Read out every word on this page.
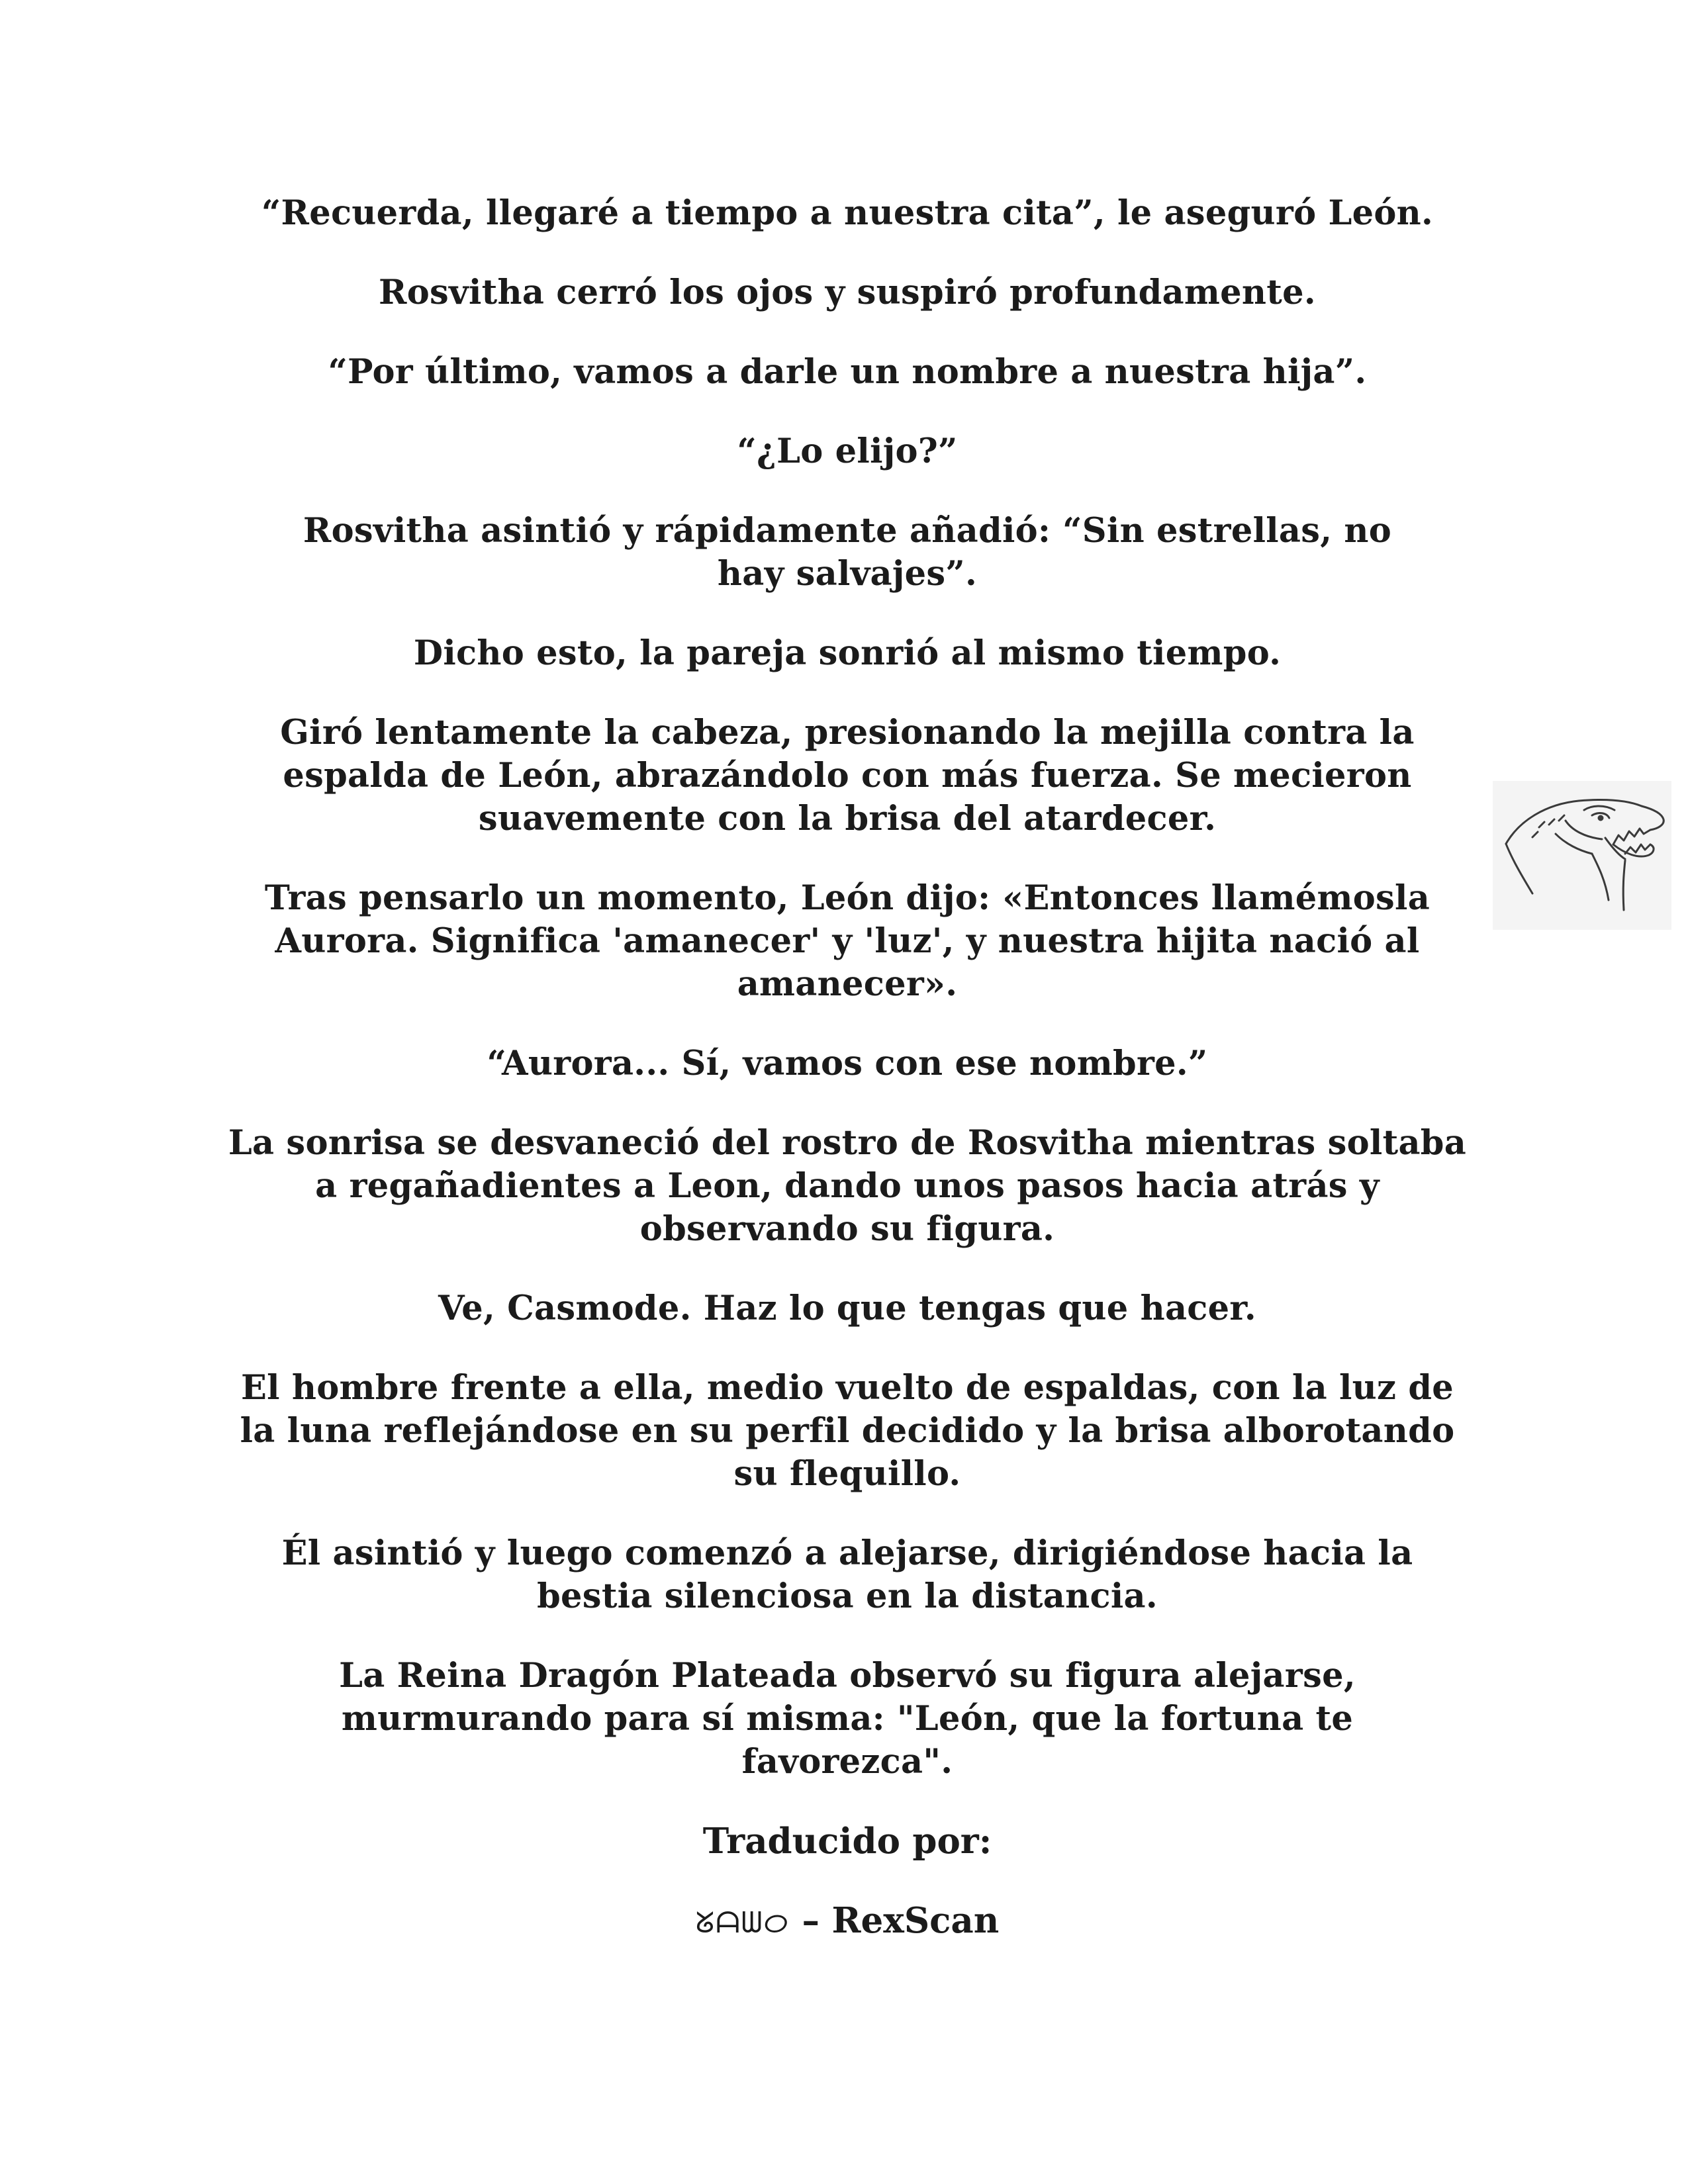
“Recuerda, llegaré a tiempo a nuestra cita”, le aseguró León.

Rosvitha cerró los ojos y suspiró profundamente.

“Por último, vamos a darle un nombre a nuestra hija”.

“¿Lo elijo?”

Rosvitha asintió y rápidamente añadió: “Sin estrellas, no hay salvajes”.

Dicho esto, la pareja sonrió al mismo tiempo.

Giró lentamente la cabeza, presionando la mejilla contra la espalda de León, abrazándolo con más fuerza. Se mecieron suavemente con la brisa del atardecer.

Tras pensarlo un momento, León dijo: «Entonces llamémosla Aurora. Significa 'amanecer' y 'luz', y nuestra hijita nació al amanecer».

“Aurora... Sí, vamos con ese nombre.”

La sonrisa se desvaneció del rostro de Rosvitha mientras soltaba a regañadientes a Leon, dando unos pasos hacia atrás y observando su figura.

Ve, Casmode. Haz lo que tengas que hacer.

El hombre frente a ella, medio vuelto de espaldas, con la luz de la luna reflejándose en su perfil decidido y la brisa alborotando su flequillo.

Él asintió y luego comenzó a alejarse, dirigiéndose hacia la bestia silenciosa en la distancia.

La Reina Dragón Plateada observó su figura alejarse, murmurando para sí misma: "León, que la fortuna te favorezca".

Traducido por:

ᘜᗩᗯᝪ – RexScan
